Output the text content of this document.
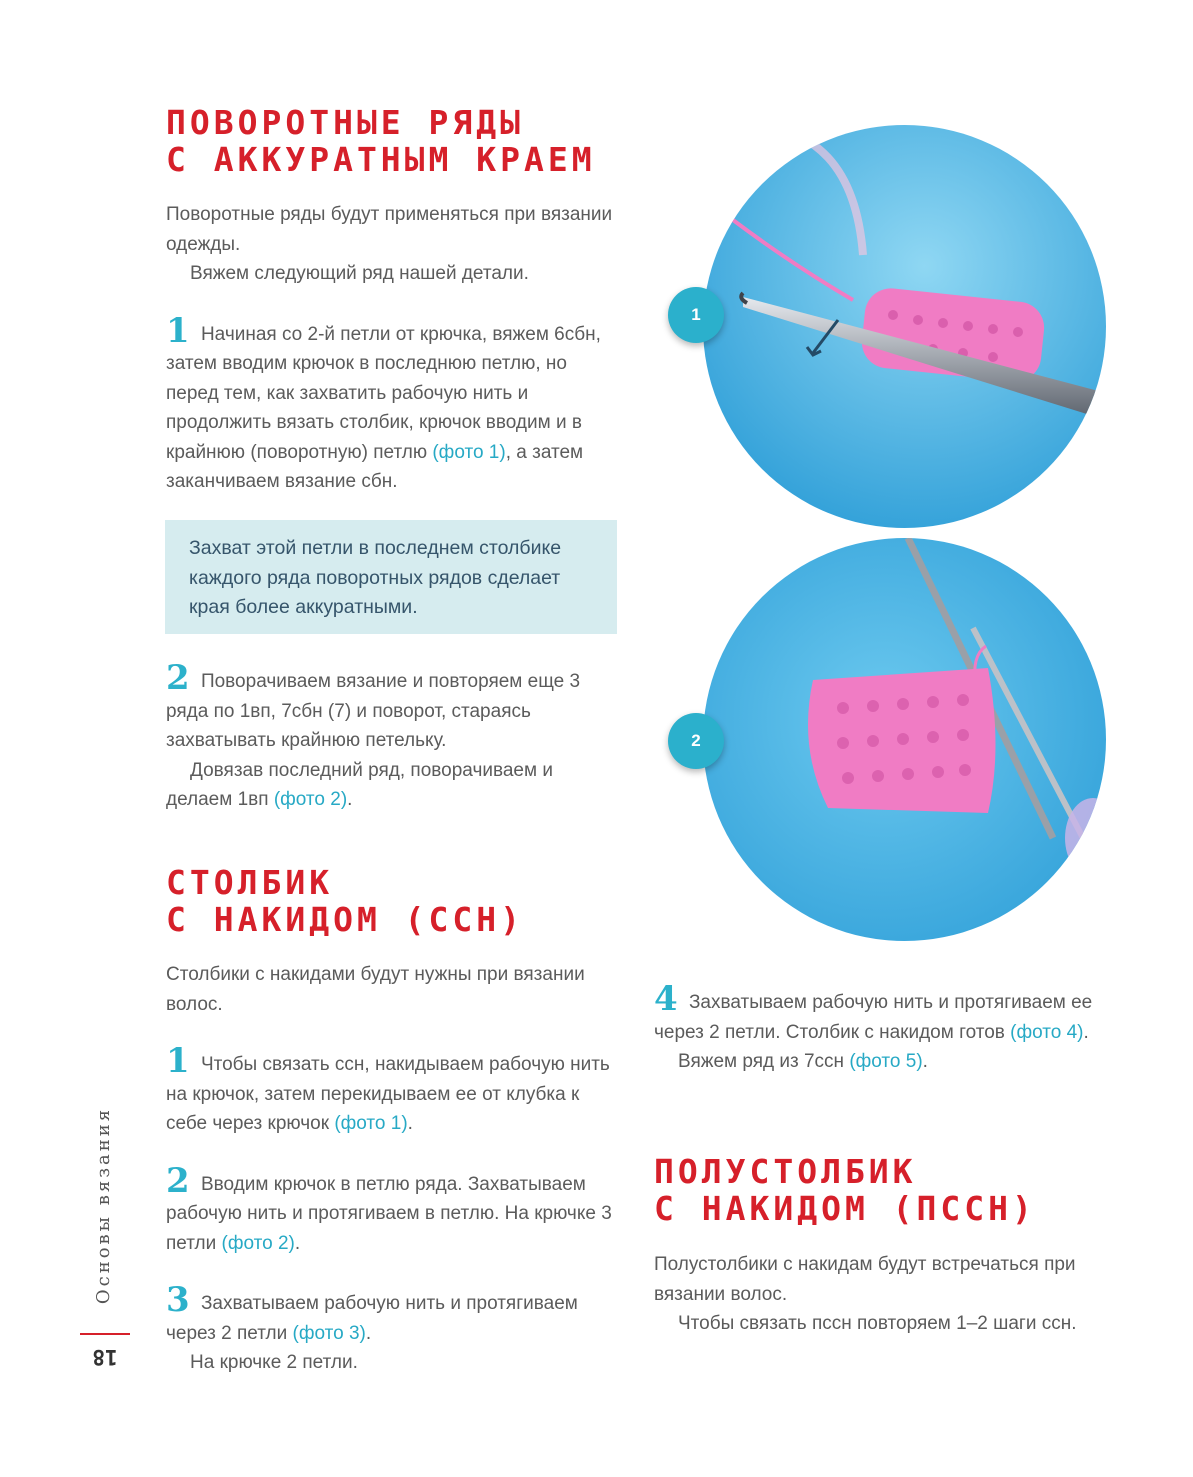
ПОВОРОТНЫЕ РЯДЫ
С АККУРАТНЫМ КРАЕМ

Поворотные ряды будут применяться при вязании одежды.

Вяжем следующий ряд нашей детали.

1 Начиная со 2-й петли от крючка, вяжем 6сбн, затем вводим крючок в последнюю петлю, но перед тем, как захватить рабочую нить и продолжить вязать столбик, крючок вводим и в крайнюю (поворотную) петлю (фото 1), а затем заканчиваем вязание сбн.

Захват этой петли в последнем столбике каждого ряда поворотных рядов сделает края более аккуратными.

2 Поворачиваем вязание и повторяем еще 3 ряда по 1вп, 7сбн (7) и поворот, стараясь захватывать крайнюю петельку.

Довязав последний ряд, поворачиваем и делаем 1вп (фото 2).

СТОЛБИК
С НАКИДОМ (ССН)

Столбики с накидами будут нужны при вязании волос.

1 Чтобы связать ссн, накидываем рабочую нить на крючок, затем перекидываем ее от клубка к себе через крючок (фото 1).

2 Вводим крючок в петлю ряда. Захватываем рабочую нить и протягиваем в петлю. На крючке 3 петли (фото 2).

3 Захватываем рабочую нить и протягиваем через 2 петли (фото 3).

На крючке 2 петли.

4 Захватываем рабочую нить и протягиваем ее через 2 петли. Столбик с накидом готов (фото 4).

Вяжем ряд из 7ссн (фото 5).

ПОЛУСТОЛБИК
С НАКИДОМ (ПССН)

Полустолбики с накидам будут встречаться при вязании волос.

Чтобы связать пссн повторяем 1–2 шаги ссн.

1
2
Основы вязания
18
